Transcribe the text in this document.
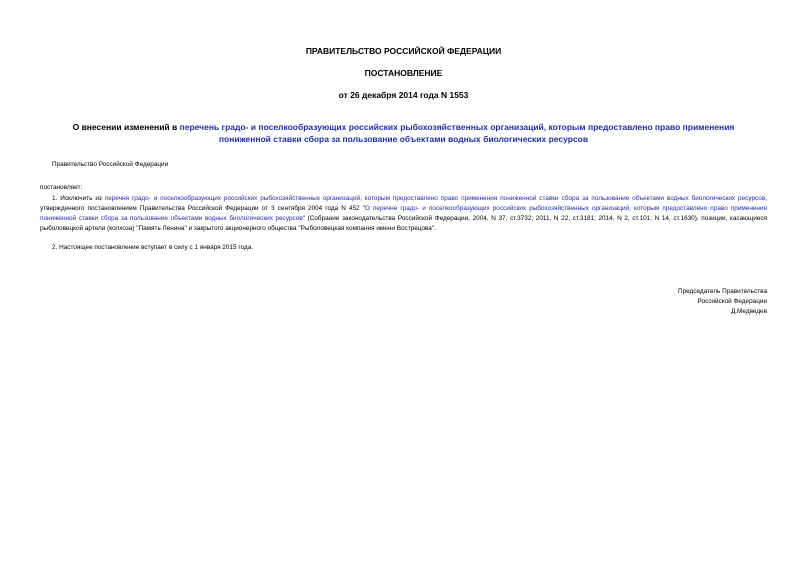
ПРАВИТЕЛЬСТВО РОССИЙСКОЙ ФЕДЕРАЦИИ
ПОСТАНОВЛЕНИЕ
от 26 декабря 2014 года N 1553
О внесении изменений в перечень градо- и поселкообразующих российских рыбохозяйственных организаций, которым предоставлено право применения пониженной ставки сбора за пользование объектами водных биологических ресурсов
Правительство Российской Федерации
постановляет:
1. Исключить из перечня градо- и поселкообразующих российских рыбохозяйственных организаций, которым предоставлено право применения пониженной ставки сбора за пользование объектами водных биологических ресурсов, утвержденного постановлением Правительства Российской Федерации от 3 сентября 2004 года N 452 "О перечне градо- и поселкообразующих российских рыбохозяйственных организаций, которым предоставлено право применения пониженной ставки сбора за пользование объектами водных биологических ресурсов" (Собрание законодательства Российской Федерации, 2004, N 37, ст.3732; 2011, N 22, ст.3181; 2014, N 2, ст.101; N 14, ст.1630), позиции, касающиеся рыболовецкой артели (колхоза) "Память Ленина" и закрытого акционерного общества "Рыболовецкая компания имени Вострецова".
2. Настоящее постановление вступает в силу с 1 января 2015 года.
Председатель Правительства
Российской Федерации
Д.Медведев
